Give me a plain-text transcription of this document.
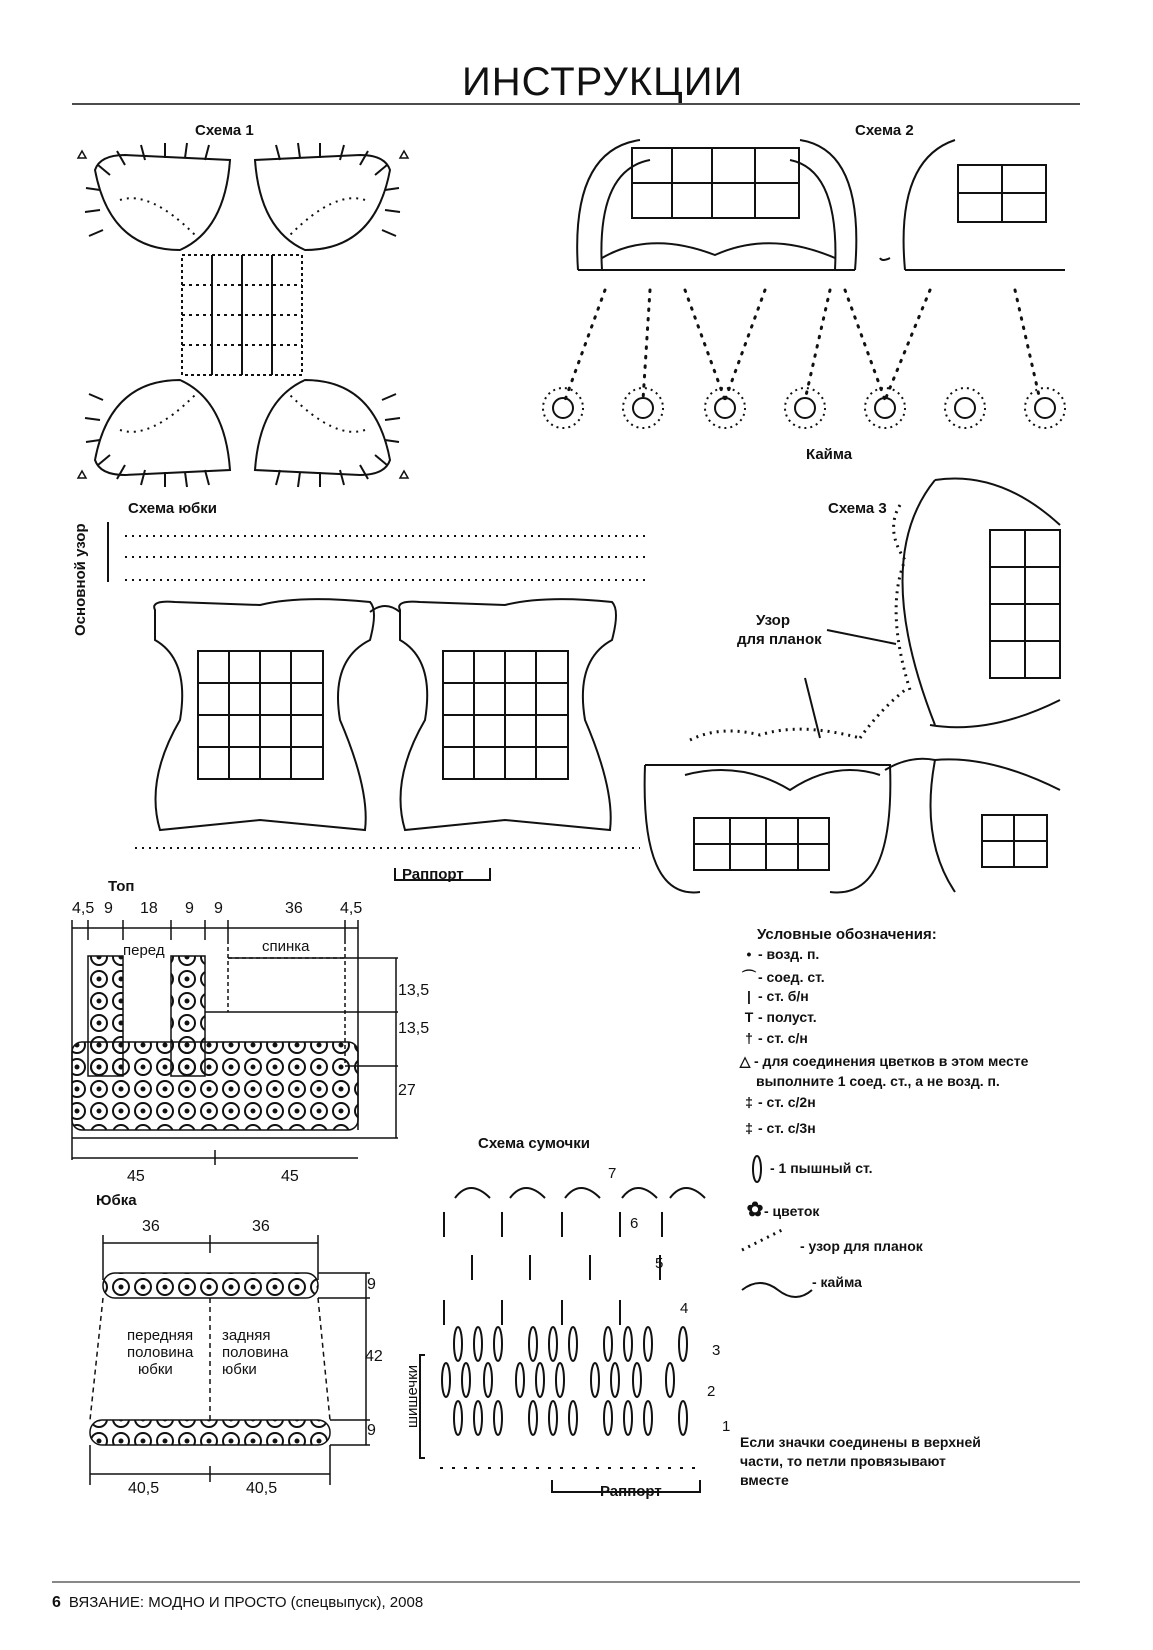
ИНСТРУКЦИИ
Схема 1	Схема 2
Кайма
Схема юбки	Схема 3
Основной узор	Узор
для планок
Раппорт
Топ
4,5 9 18 9 9	36 4,5
перед	спинка
13,5
13,5
27
45	45
Юбка
36	36
передняя
половина
юбки
задняя
половина
юбки
9
42
9
40,5	40,5
Схема сумочки
7
6
5
4
3
2
1
шишечки
Раппорт
Условные обозначения:
• - возд. п.
⌒ - соед. ст.
| - ст. б/н
T - полуст.
† - ст. с/н
△ - для соединения цветков в этом месте
выполните 1 соед. ст., а не возд. п.
‡ - ст. с/2н
‡ - ст. с/3н
- 1 пышный ст.
✿- цветок
- узор для планок
- кайма
Если значки соединены в верхней
части, то петли провязывают
вместе
6 ВЯЗАНИЕ: МОДНО И ПРОСТО (спецвыпуск), 2008
